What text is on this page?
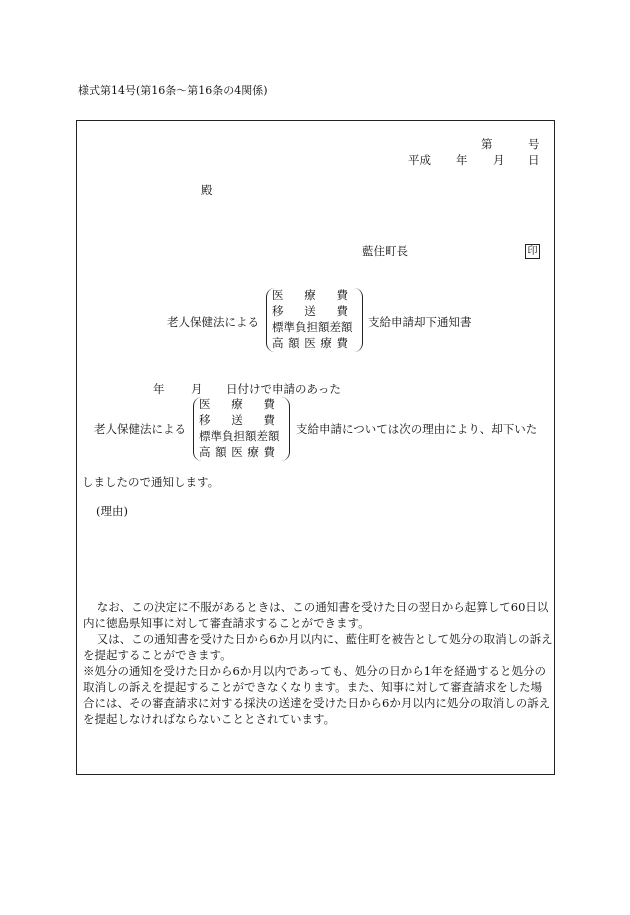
様式第14号(第16条～第16条の4関係)
第	号
平成 年 月 日
殿
藍住町長	印
老人保健法による
医 療 費
移 送 費
標準負担額差額
高 額 医 療 費
支給申請却下通知書
年 月 日付けで申請のあった
老人保健法による
医 療 費
移 送 費
標準負担額差額
高 額 医 療 費
支給申請については次の理由により、却下いた
しましたので通知します。
(理由)

なお、この決定に不服があるときは、この通知書を受けた日の翌日から起算して60日以内に徳島県知事に対して審査請求することができます。

又は、この通知書を受けた日から6か月以内に、藍住町を被告として処分の取消しの訴えを提起することができます。

※処分の通知を受けた日から6か月以内であっても、処分の日から1年を経過すると処分の取消しの訴えを提起することができなくなります。また、知事に対して審査請求をした場合には、その審査請求に対する採決の送達を受けた日から6か月以内に処分の取消しの訴えを提起しなければならないこととされています。
